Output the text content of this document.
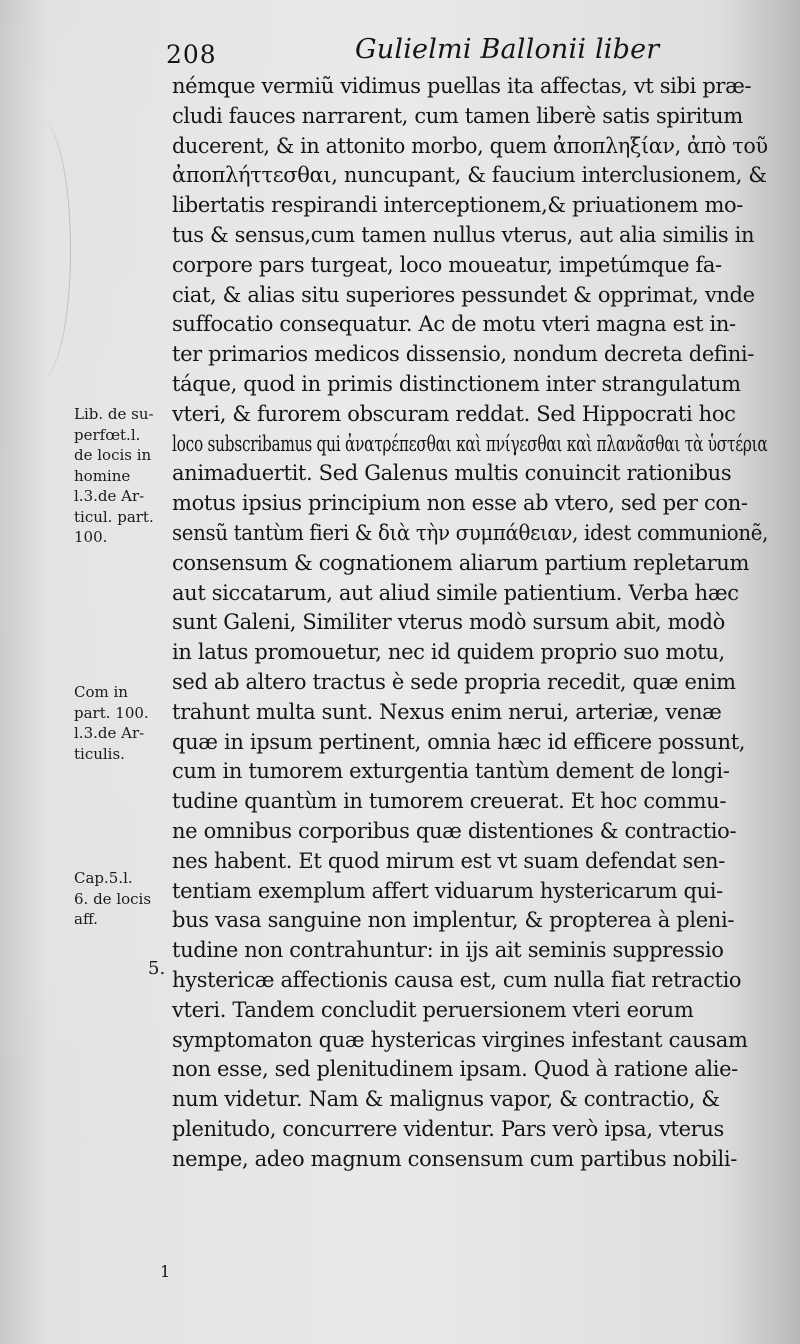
208	Gulielmi Ballonii liber
Lib. de su-
perfœt.l.
de locis in
homine
l.3.de Ar-
ticul. part.
100.
Com in
part. 100.
l.3.de Ar-
ticulis.
Cap.5.l.
6. de locis
aff.
5.
1
némque vermiũ vidimus puellas ita affectas, vt sibi præ-
cludi fauces narrarent, cum tamen liberè satis spiritum
ducerent, & in attonito morbo, quem ἀποπληξίαν, ἀπὸ τοῦ
ἀποπλήττεσθαι, nuncupant, & faucium interclusionem, &
libertatis respirandi interceptionem,& priuationem mo-
tus & sensus,cum tamen nullus vterus, aut alia similis in
corpore pars turgeat, loco moueatur, impetúmque fa-
ciat, & alias situ superiores pessundet & opprimat, vnde
suffocatio consequatur. Ac de motu vteri magna est in-
ter primarios medicos dissensio, nondum decreta defini-
táque, quod in primis distinctionem inter strangulatum
vteri, & furorem obscuram reddat. Sed Hippocrati hoc
loco subscribamus qui ἀνατρέπεσθαι καὶ πνίγεσθαι καὶ πλανᾶσθαι τὰ ὑστέρια
animaduertit. Sed Galenus multis conuincit rationibus
motus ipsius principium non esse ab vtero, sed per con-
sensũ tantùm fieri & διὰ τὴν συμπάθειαν, idest communionẽ,
consensum & cognationem aliarum partium repletarum
aut siccatarum, aut aliud simile patientium. Verba hæc
sunt Galeni, Similiter vterus modò sursum abit, modò
in latus promouetur, nec id quidem proprio suo motu,
sed ab altero tractus è sede propria recedit, quæ enim
trahunt multa sunt. Nexus enim nerui, arteriæ, venæ
quæ in ipsum pertinent, omnia hæc id efficere possunt,
cum in tumorem exturgentia tantùm dement de longi-
tudine quantùm in tumorem creuerat. Et hoc commu-
ne omnibus corporibus quæ distentiones & contractio-
nes habent. Et quod mirum est vt suam defendat sen-
tentiam exemplum affert viduarum hystericarum qui-
bus vasa sanguine non implentur, & propterea à pleni-
tudine non contrahuntur: in ijs ait seminis suppressio
hystericæ affectionis causa est, cum nulla fiat retractio
vteri. Tandem concludit peruersionem vteri eorum
symptomaton quæ hystericas virgines infestant causam
non esse, sed plenitudinem ipsam. Quod à ratione alie-
num videtur. Nam & malignus vapor, & contractio, &
plenitudo, concurrere videntur. Pars verò ipsa, vterus
nempe, adeo magnum consensum cum partibus nobili-
